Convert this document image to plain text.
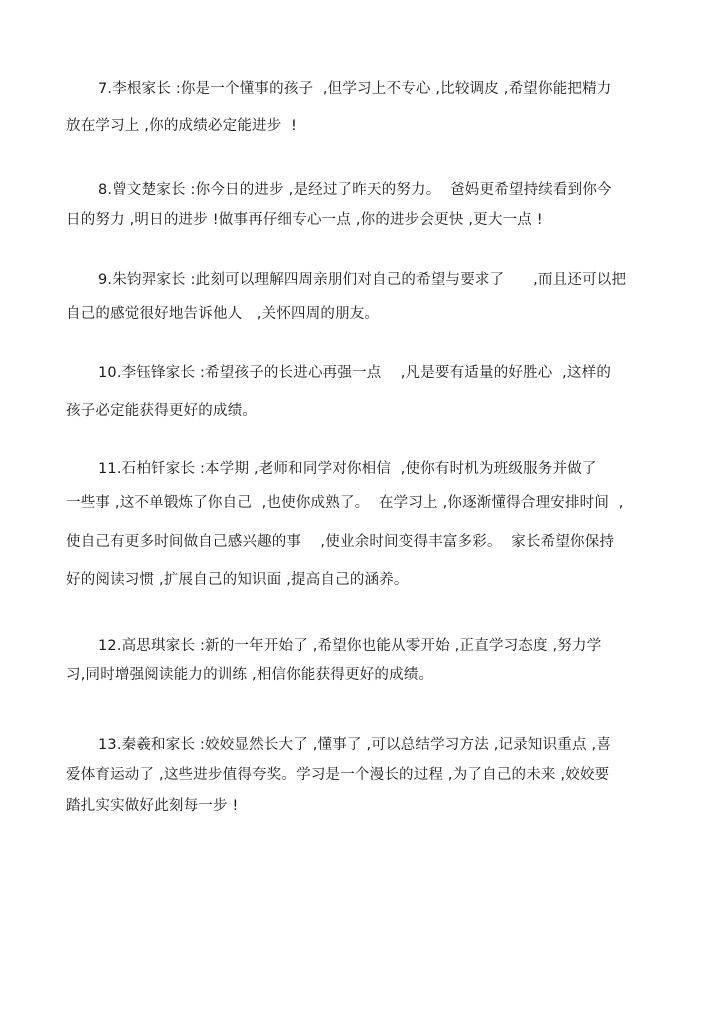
7.李根家长 :你是一个懂事的孩子  ,但学习上不专心 ,比较调皮 ,希望你能把精力
放在学习上 ,你的成绩必定能进步  !
8.曾文楚家长 :你今日的进步 ,是经过了昨天的努力。  爸妈更希望持续看到你今
日的努力 ,明日的进步 !做事再仔细专心一点 ,你的进步会更快 ,更大一点 !
9.朱钧羿家长 :此刻可以理解四周亲朋们对自己的希望与要求了      ,而且还可以把
自己的感觉很好地告诉他人   ,关怀四周的朋友。
10.李钰锋家长 :希望孩子的长进心再强一点    ,凡是要有适量的好胜心  ,这样的
孩子必定能获得更好的成绩。
11.石柏钎家长 :本学期 ,老师和同学对你相信  ,使你有时机为班级服务并做了
一些事 ,这不单锻炼了你自己  ,也使你成熟了。  在学习上 ,你逐渐懂得合理安排时间  ,
使自己有更多时间做自己感兴趣的事    ,使业余时间变得丰富多彩。  家长希望你保持
好的阅读习惯 ,扩展自己的知识面 ,提高自己的涵养。
12.高思琪家长 :新的一年开始了 ,希望你也能从零开始 ,正直学习态度 ,努力学
习,同时增强阅读能力的训练 ,相信你能获得更好的成绩。
13.秦羲和家长 :姣姣显然长大了 ,懂事了 ,可以总结学习方法 ,记录知识重点 ,喜
爱体育运动了 ,这些进步值得夸奖。学习是一个漫长的过程 ,为了自己的未来 ,姣姣要
踏扎实实做好此刻每一步 !
